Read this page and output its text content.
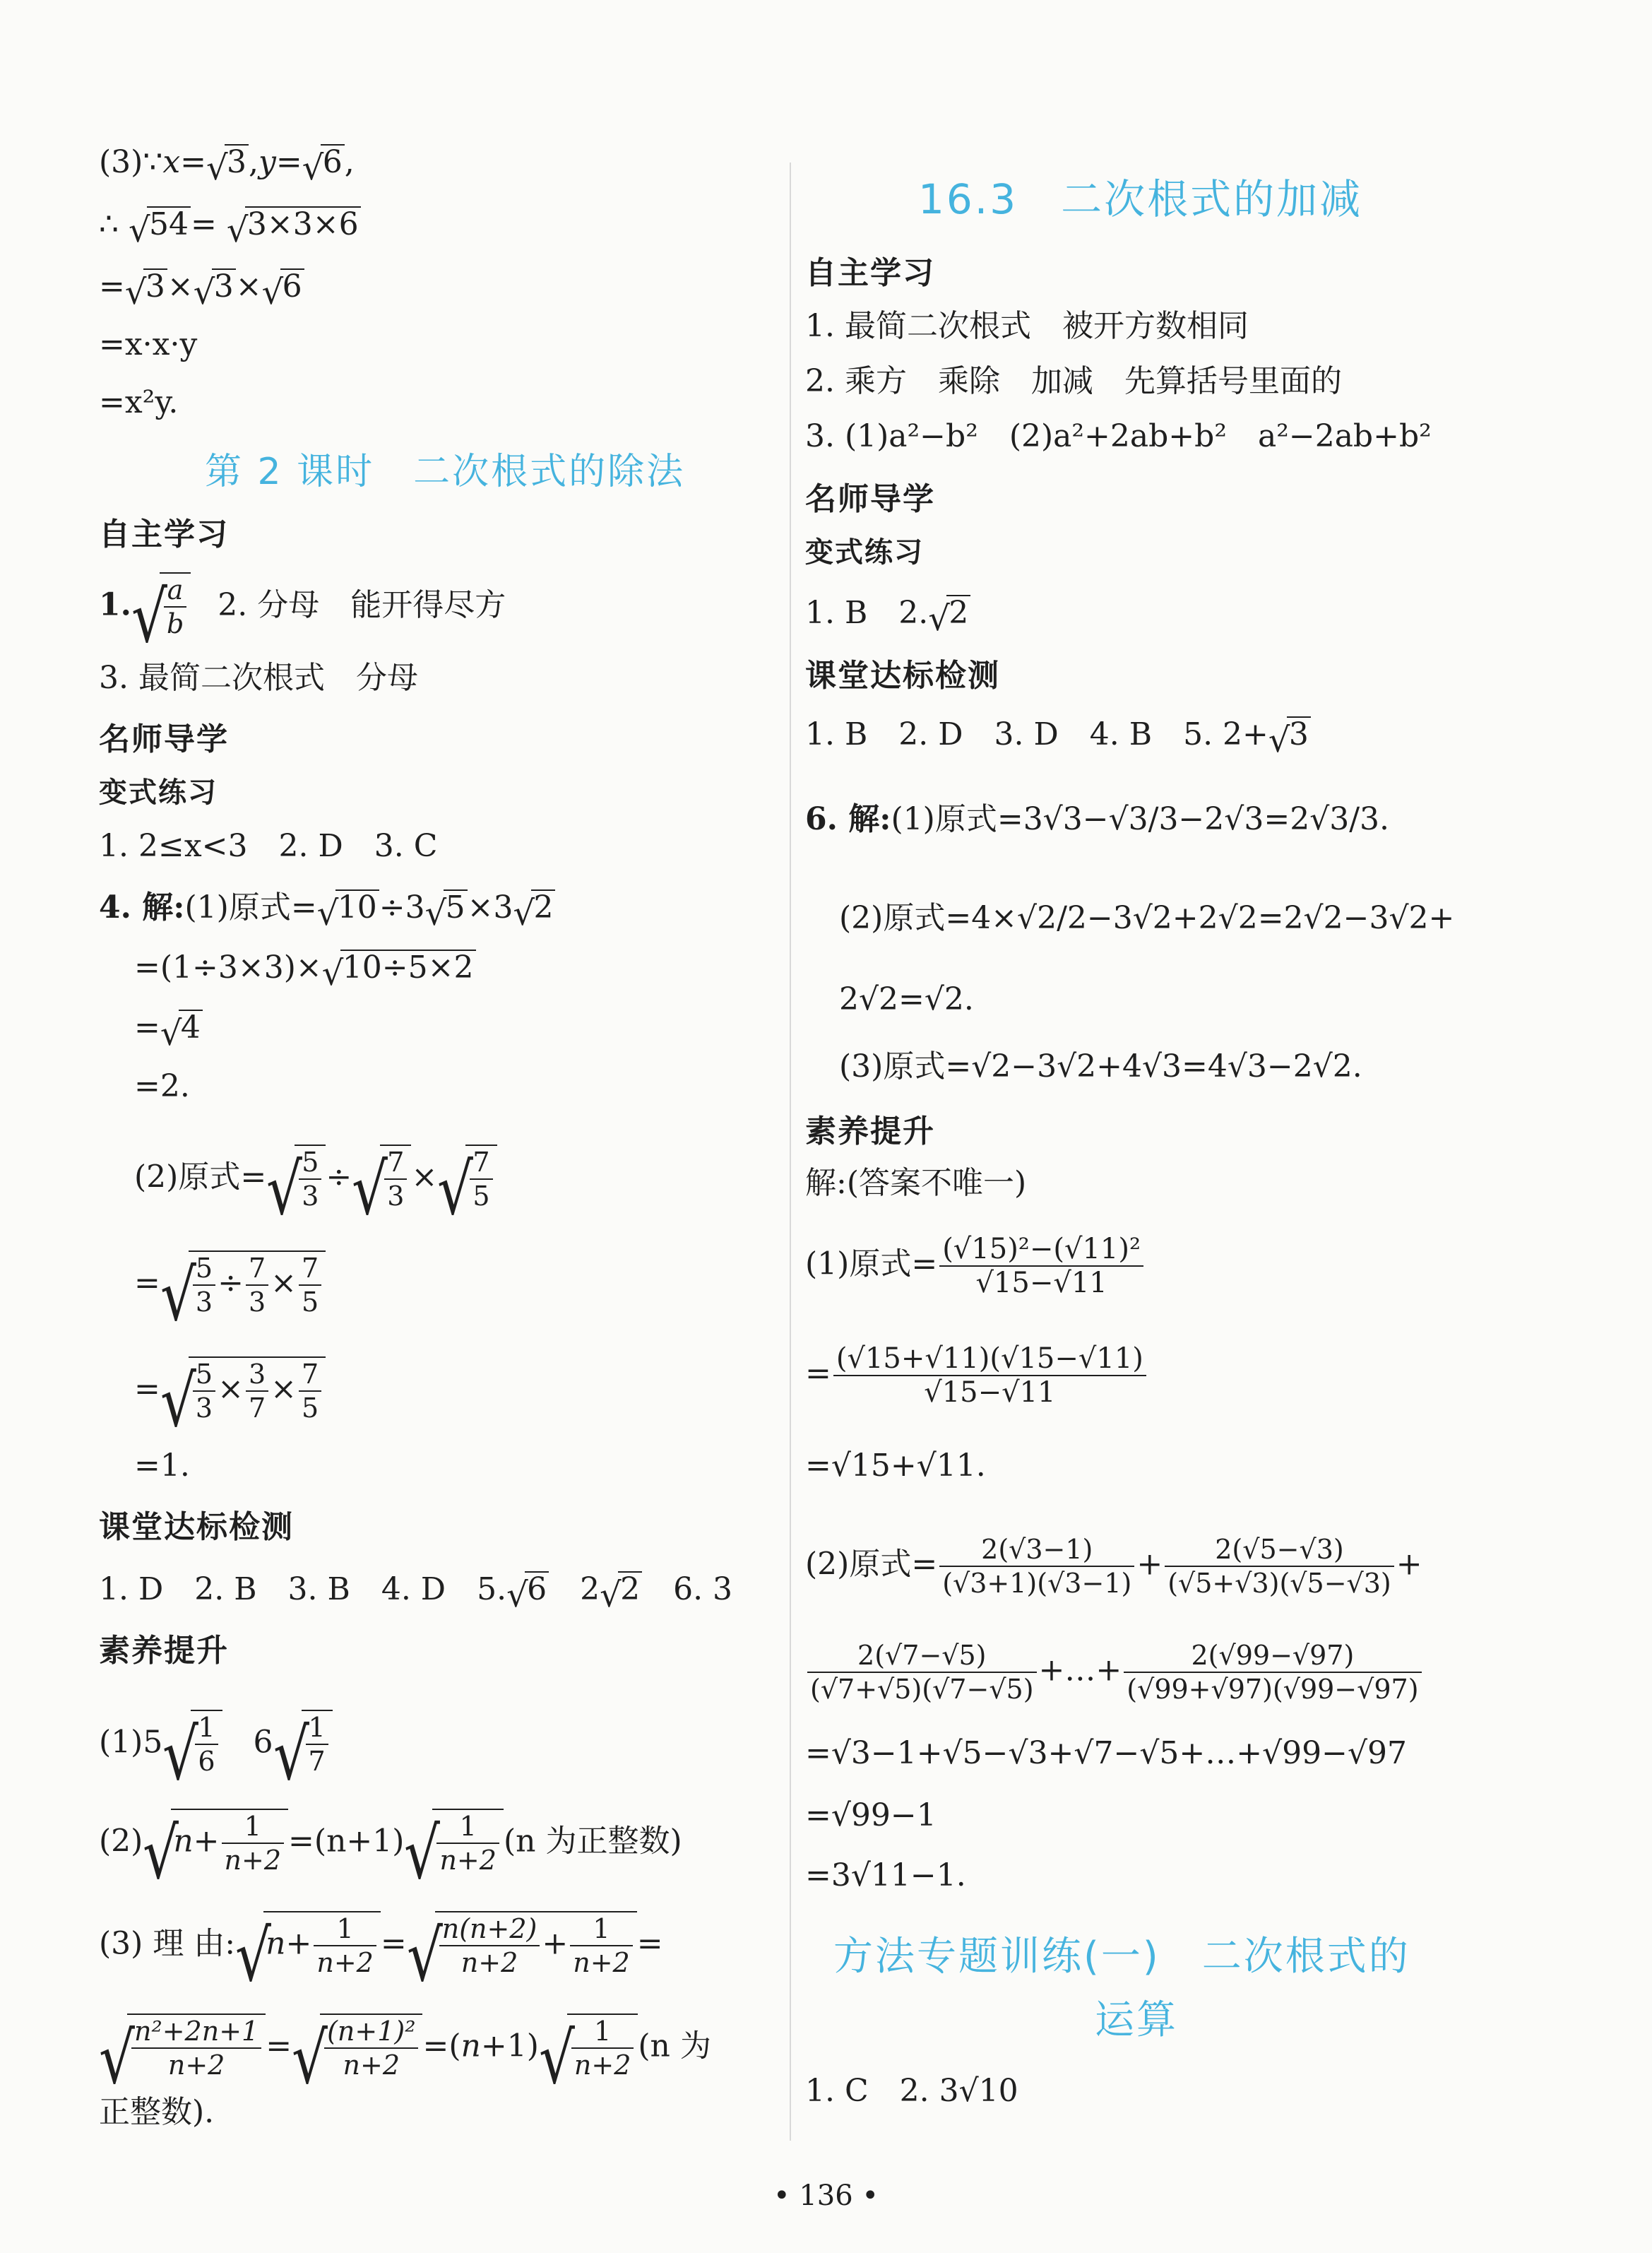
(3)∵x= √ 3,y= √ 6,
∴ √ 54= √ 3×3×6
= √ 3× √ 3× √ 6
=x·x·y
=x²y.
第 2 课时　二次根式的除法
自主学习
1. √ $\frac{a}{b} 2$. 分母　能开得尽方
3. 最简二次根式　分母
名师导学
变式练习
1. 2≤x<3　2. D　3. C
4. 解:(1)原式= √ 10÷3 √ 5×3 √ 2
=(1÷3×3)× √ 10÷5×2
= √ 4
=2.
(2)原式= √ $\frac{5}{3}$ ÷ √ $\frac{7}{3}$ × √ $\frac{7}{5}$
= √ $\frac{5}{3} \div \frac{7}{3} \times \frac{7}{5}$
= √ $\frac{5}{3} \times \frac{3}{7} \times \frac{7}{5}$
=1.
课堂达标检测
1. D　2. B　3. B　4. D　5. √ 6　2 √ 2　 6. 3
素养提升
(1)5 √ $\frac{1}{6}$
　 6 √ $\frac{1}{7}$
(2) √ $n+ \frac{1}{n+2} =(n+1)$ √ $\frac{1}{n+2} (n$ 为正整数)
(3) 理 由: √ $n+ \frac{1}{n+2}$ = √ $\frac{n(n+2)}{n+2} + \frac{1}{n+2}$ =
√ $\frac{\text{n²+2n+1}}{n+2}$ = √ $\frac{\text{(n+1)²}}{n+2} =(n+1)$ √ $\frac{1}{n+2} (n$ 为
正整数).
16.3　二次根式的加减
自主学习
1. 最简二次根式　被开方数相同
2. 乘方　乘除　加减　先算括号里面的
3. (1)a²−b²　(2)a²+2ab+b²　a²−2ab+b²
名师导学
变式练习
1. B　2. √ 2
课堂达标检测
1. B　2. D　3. D　4. B　5. 2+ √ 3
6. 解:(1)原式=3√3−√3/3−2√3=2√3/3.
(2)原式=4×√2/2−3√2+2√2=2√2−3√2+
2√2=√2.
(3)原式=√2−3√2+4√3=4√3−2√2.
素养提升
解:(答案不唯一)
(1)原式= $\frac{\text{(√15)²−(√11)²}}{√15-√11}$
= $\frac{(√15+√11)(√15-√11)}{√15-√11}$
=√15+√11.
(2)原式= $\frac{2(√3-1)}{(√3+1)(√3-1)} + \frac{2(√5-√3)}{(√5+√3)(√5-√3)}$ +
$\frac{2(√7-√5)}{(√7+√5)(√7-√5)}$ +…+ $\frac{2(√99-√97)}{(√99+√97)(√99-√97)}$
=√3−1+√5−√3+√7−√5+…+√99−√97
=√99−1
=3√11−1.
方法专题训练(一)　二次根式的
运算
1. C　2. 3√10
• 136 •
